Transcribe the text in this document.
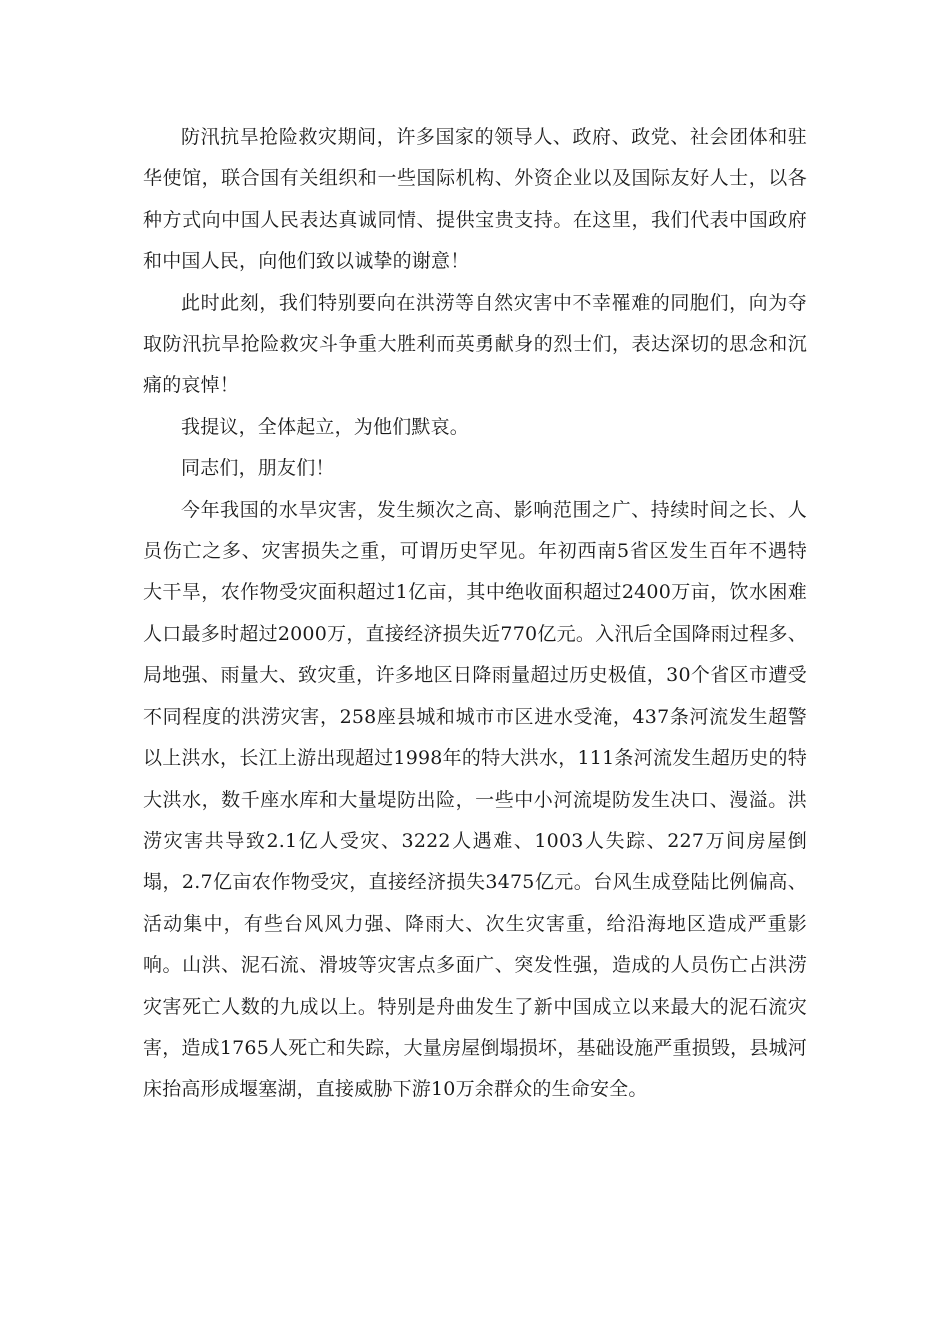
防汛抗旱抢险救灾期间，许多国家的领导人、政府、政党、社会团体和驻华使馆，联合国有关组织和一些国际机构、外资企业以及国际友好人士，以各种方式向中国人民表达真诚同情、提供宝贵支持。在这里，我们代表中国政府和中国人民，向他们致以诚挚的谢意！

此时此刻，我们特别要向在洪涝等自然灾害中不幸罹难的同胞们，向为夺取防汛抗旱抢险救灾斗争重大胜利而英勇献身的烈士们，表达深切的思念和沉痛的哀悼！

我提议，全体起立，为他们默哀。

同志们，朋友们！

今年我国的水旱灾害，发生频次之高、影响范围之广、持续时间之长、人员伤亡之多、灾害损失之重，可谓历史罕见。年初西南5省区发生百年不遇特大干旱，农作物受灾面积超过1亿亩，其中绝收面积超过2400万亩，饮水困难人口最多时超过2000万，直接经济损失近770亿元。入汛后全国降雨过程多、局地强、雨量大、致灾重，许多地区日降雨量超过历史极值，30个省区市遭受不同程度的洪涝灾害，258座县城和城市市区进水受淹，437条河流发生超警以上洪水，长江上游出现超过1998年的特大洪水，111条河流发生超历史的特大洪水，数千座水库和大量堤防出险，一些中小河流堤防发生决口、漫溢。洪涝灾害共导致2.1亿人受灾、3222人遇难、1003人失踪、227万间房屋倒塌，2.7亿亩农作物受灾，直接经济损失3475亿元。台风生成登陆比例偏高、活动集中，有些台风风力强、降雨大、次生灾害重，给沿海地区造成严重影响。山洪、泥石流、滑坡等灾害点多面广、突发性强，造成的人员伤亡占洪涝灾害死亡人数的九成以上。特别是舟曲发生了新中国成立以来最大的泥石流灾害，造成1765人死亡和失踪，大量房屋倒塌损坏，基础设施严重损毁，县城河床抬高形成堰塞湖，直接威胁下游10万余群众的生命安全。
